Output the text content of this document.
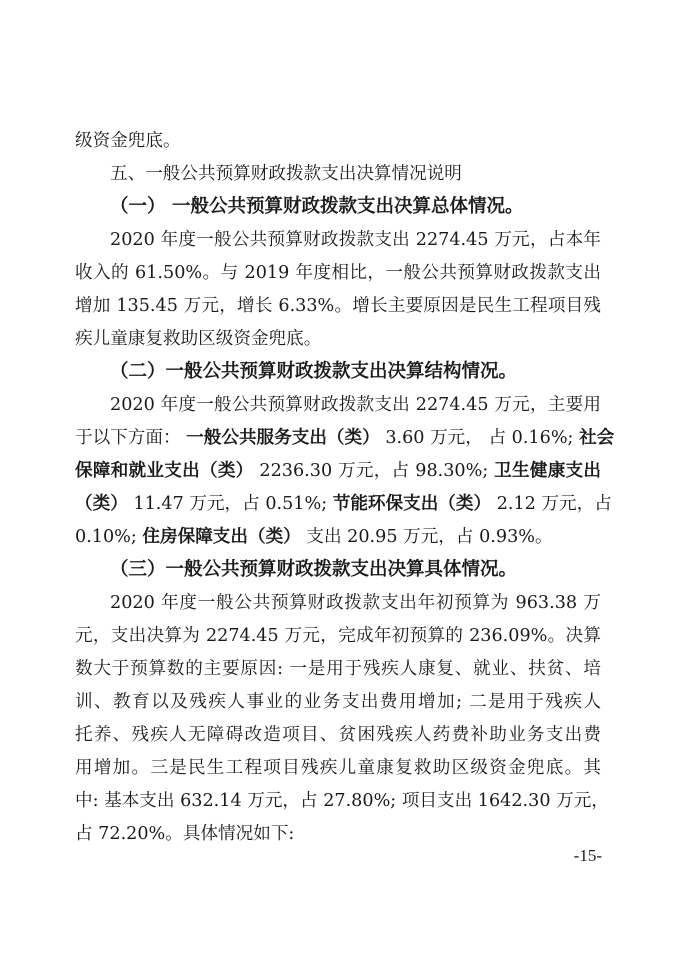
级资金兜底。
五、一般公共预算财政拨款支出决算情况说明
（一） 一般公共预算财政拨款支出决算总体情况。
2020 年度一般公共预算财政拨款支出 2274.45 万元，占本年
收入的 61.50%。与 2019 年度相比，一般公共预算财政拨款支出
增加 135.45 万元，增长 6.33%。增长主要原因是民生工程项目残
疾儿童康复救助区级资金兜底。
（二）一般公共预算财政拨款支出决算结构情况。
2020 年度一般公共预算财政拨款支出 2274.45 万元，主要用
于以下方面： 一般公共服务支出（类） 3.60 万元， 占 0.16%; 社会
保障和就业支出（类） 2236.30 万元，占 98.30%; 卫生健康支出
（类） 11.47 万元，占 0.51%; 节能环保支出（类） 2.12 万元，占
0.10%; 住房保障支出（类） 支出 20.95 万元，占 0.93%。
（三）一般公共预算财政拨款支出决算具体情况。
2020 年度一般公共预算财政拨款支出年初预算为 963.38 万
元，支出决算为 2274.45 万元，完成年初预算的 236.09%。决算
数大于预算数的主要原因: 一是用于残疾人康复、就业、扶贫、培
训、教育以及残疾人事业的业务支出费用增加; 二是用于残疾人
托养、残疾人无障碍改造项目、贫困残疾人药费补助业务支出费
用增加。三是民生工程项目残疾儿童康复救助区级资金兜底。其
中: 基本支出 632.14 万元，占 27.80%; 项目支出 1642.30 万元，
占 72.20%。具体情况如下:
-15-
